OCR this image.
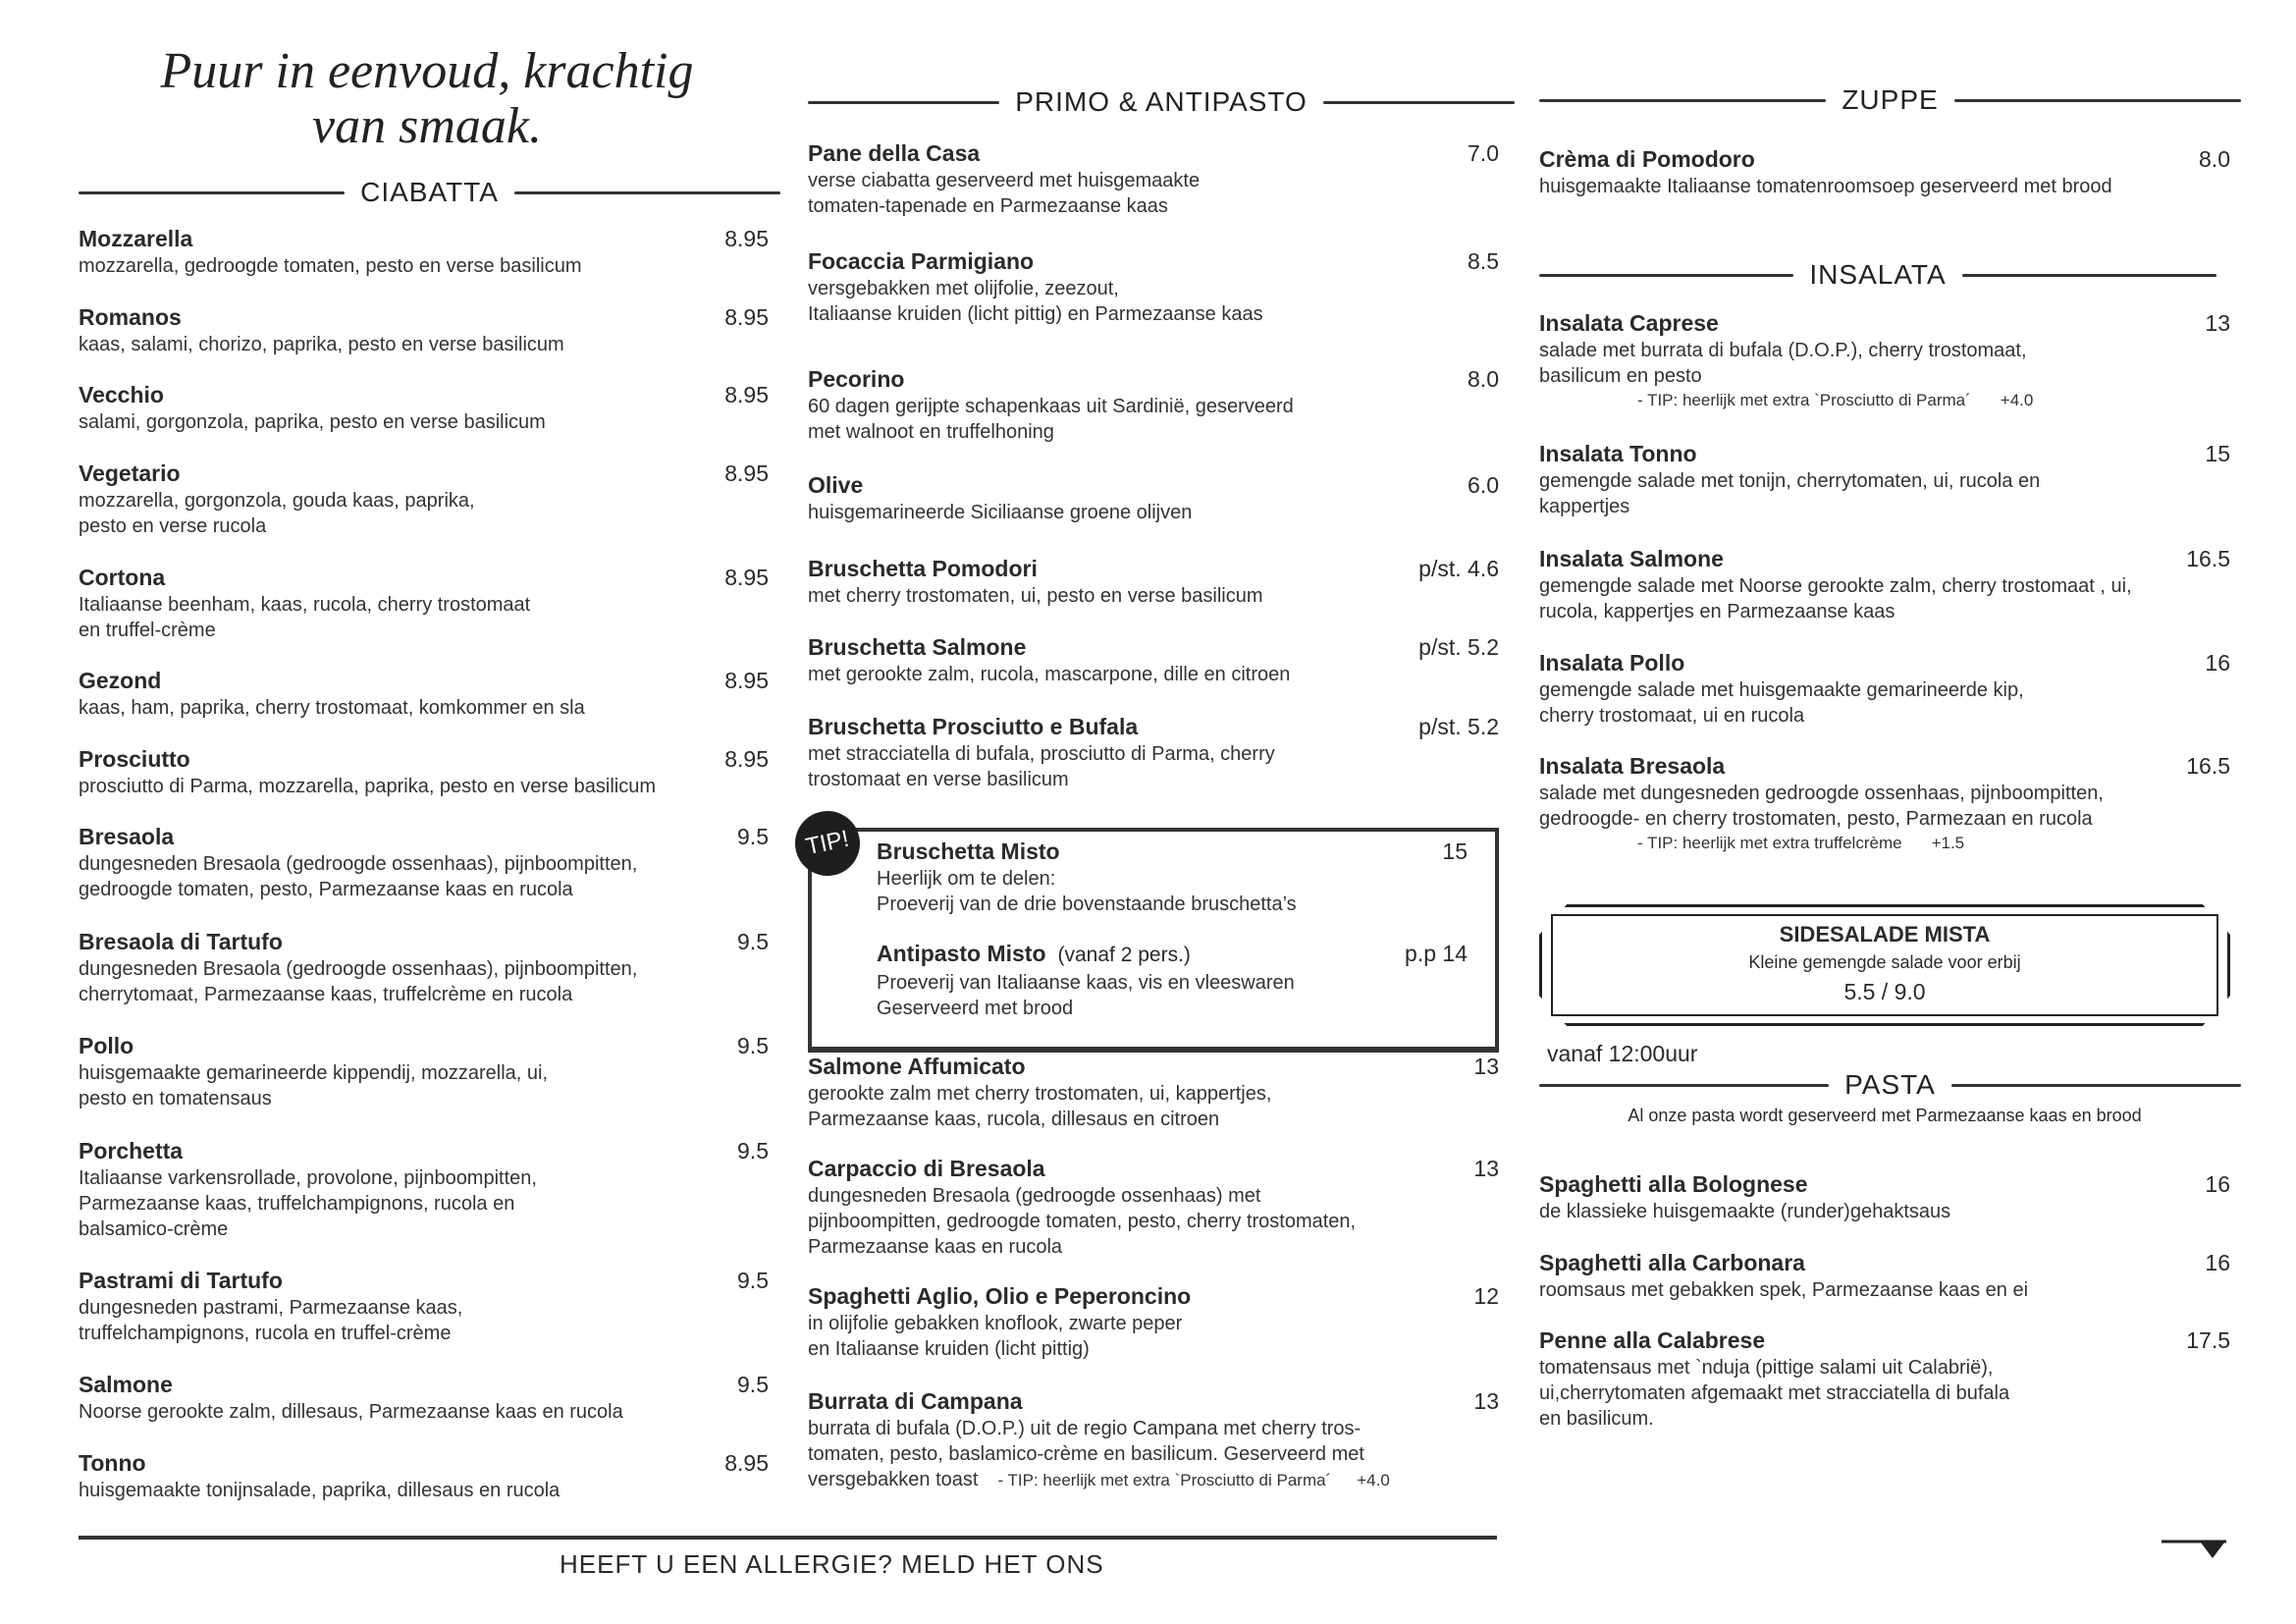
Puur in eenvoud, krachtig
van smaak.
CIABATTA
PRIMO & ANTIPASTO	ZUPPE
INSALATA
PASTA
TIP!
SIDESALADE MISTA
Kleine gemengde salade voor erbij
5.5 / 9.0
vanaf 12:00uur
Al onze pasta wordt geserveerd met Parmezaanse kaas en brood
Mozzarella	8.95
mozzarella, gedroogde tomaten, pesto en verse basilicum
Romanos	8.95
kaas, salami, chorizo, paprika, pesto en verse basilicum
Vecchio	8.95
salami, gorgonzola, paprika, pesto en verse basilicum
Vegetario	8.95
mozzarella, gorgonzola, gouda kaas, paprika,
pesto en verse rucola
Cortona	8.95
Italiaanse beenham, kaas, rucola, cherry trostomaat
en truffel-crème
Gezond	8.95
kaas, ham, paprika, cherry trostomaat, komkommer en sla
Prosciutto	8.95
prosciutto di Parma, mozzarella, paprika, pesto en verse basilicum
Bresaola	9.5
dungesneden Bresaola (gedroogde ossenhaas), pijnboompitten,
gedroogde tomaten, pesto, Parmezaanse kaas en rucola
Bresaola di Tartufo	9.5
dungesneden Bresaola (gedroogde ossenhaas), pijnboompitten,
cherrytomaat, Parmezaanse kaas, truffelcrème en rucola
Pollo	9.5
huisgemaakte gemarineerde kippendij, mozzarella, ui,
pesto en tomatensaus
Porchetta	9.5
Italiaanse varkensrollade, provolone, pijnboompitten,
Parmezaanse kaas, truffelchampignons, rucola en
balsamico-crème
Pastrami di Tartufo	9.5
dungesneden pastrami, Parmezaanse kaas,
truffelchampignons, rucola en truffel-crème
Salmone	9.5
Noorse gerookte zalm, dillesaus, Parmezaanse kaas en rucola
Tonno	8.95
huisgemaakte tonijnsalade, paprika, dillesaus en rucola
Pane della Casa	7.0
verse ciabatta geserveerd met huisgemaakte
tomaten-tapenade en Parmezaanse kaas
Focaccia Parmigiano	8.5
versgebakken met olijfolie, zeezout,
Italiaanse kruiden (licht pittig) en Parmezaanse kaas
Pecorino	8.0
60 dagen gerijpte schapenkaas uit Sardinië, geserveerd
met walnoot en truffelhoning
Olive	6.0
huisgemarineerde Siciliaanse groene olijven
Bruschetta Pomodori	p/st. 4.6
met cherry trostomaten, ui, pesto en verse basilicum
Bruschetta Salmone	p/st. 5.2
met gerookte zalm, rucola, mascarpone, dille en citroen
Bruschetta Prosciutto e Bufala	p/st. 5.2
met stracciatella di bufala, prosciutto di Parma, cherry
trostomaat en verse basilicum
Salmone Affumicato	13
gerookte zalm met cherry trostomaten, ui, kappertjes,
Parmezaanse kaas, rucola, dillesaus en citroen
Carpaccio di Bresaola	13
dungesneden Bresaola (gedroogde ossenhaas) met
pijnboompitten, gedroogde tomaten, pesto, cherry trostomaten,
Parmezaanse kaas en rucola
Spaghetti Aglio, Olio e Peperoncino	12
in olijfolie gebakken knoflook, zwarte peper
en Italiaanse kruiden (licht pittig)
Burrata di Campana	13
burrata di bufala (D.O.P.) uit de regio Campana met cherry tros-
tomaten, pesto, baslamico-crème en basilicum. Geserveerd met
versgebakken toast - TIP: heerlijk met extra `Prosciutto di Parma´ +4.0
Bruschetta Misto	15
Heerlijk om te delen:
Proeverij van de drie bovenstaande bruschetta’s
Antipasto Misto (vanaf 2 pers.)	p.p 14
Proeverij van Italiaanse kaas, vis en vleeswaren
Geserveerd met brood
Crèma di Pomodoro	8.0
huisgemaakte Italiaanse tomatenroomsoep geserveerd met brood
Insalata Caprese	13
salade met burrata di bufala (D.O.P.), cherry trostomaat,
basilicum en pesto
- TIP: heerlijk met extra `Prosciutto di Parma´ +4.0
Insalata Tonno	15
gemengde salade met tonijn, cherrytomaten, ui, rucola en
kappertjes
Insalata Salmone	16.5
gemengde salade met Noorse gerookte zalm, cherry trostomaat , ui,
rucola, kappertjes en Parmezaanse kaas
Insalata Pollo	16
gemengde salade met huisgemaakte gemarineerde kip,
cherry trostomaat, ui en rucola
Insalata Bresaola	16.5
salade met dungesneden gedroogde ossenhaas, pijnboompitten,
gedroogde- en cherry trostomaten, pesto, Parmezaan en rucola
- TIP: heerlijk met extra truffelcrème +1.5
Spaghetti alla Bolognese	16
de klassieke huisgemaakte (runder)gehaktsaus
Spaghetti alla Carbonara	16
roomsaus met gebakken spek, Parmezaanse kaas en ei
Penne alla Calabrese	17.5
tomatensaus met `nduja (pittige salami uit Calabrië),
ui,cherrytomaten afgemaakt met stracciatella di bufala
en basilicum.
HEEFT U EEN ALLERGIE? MELD HET ONS
